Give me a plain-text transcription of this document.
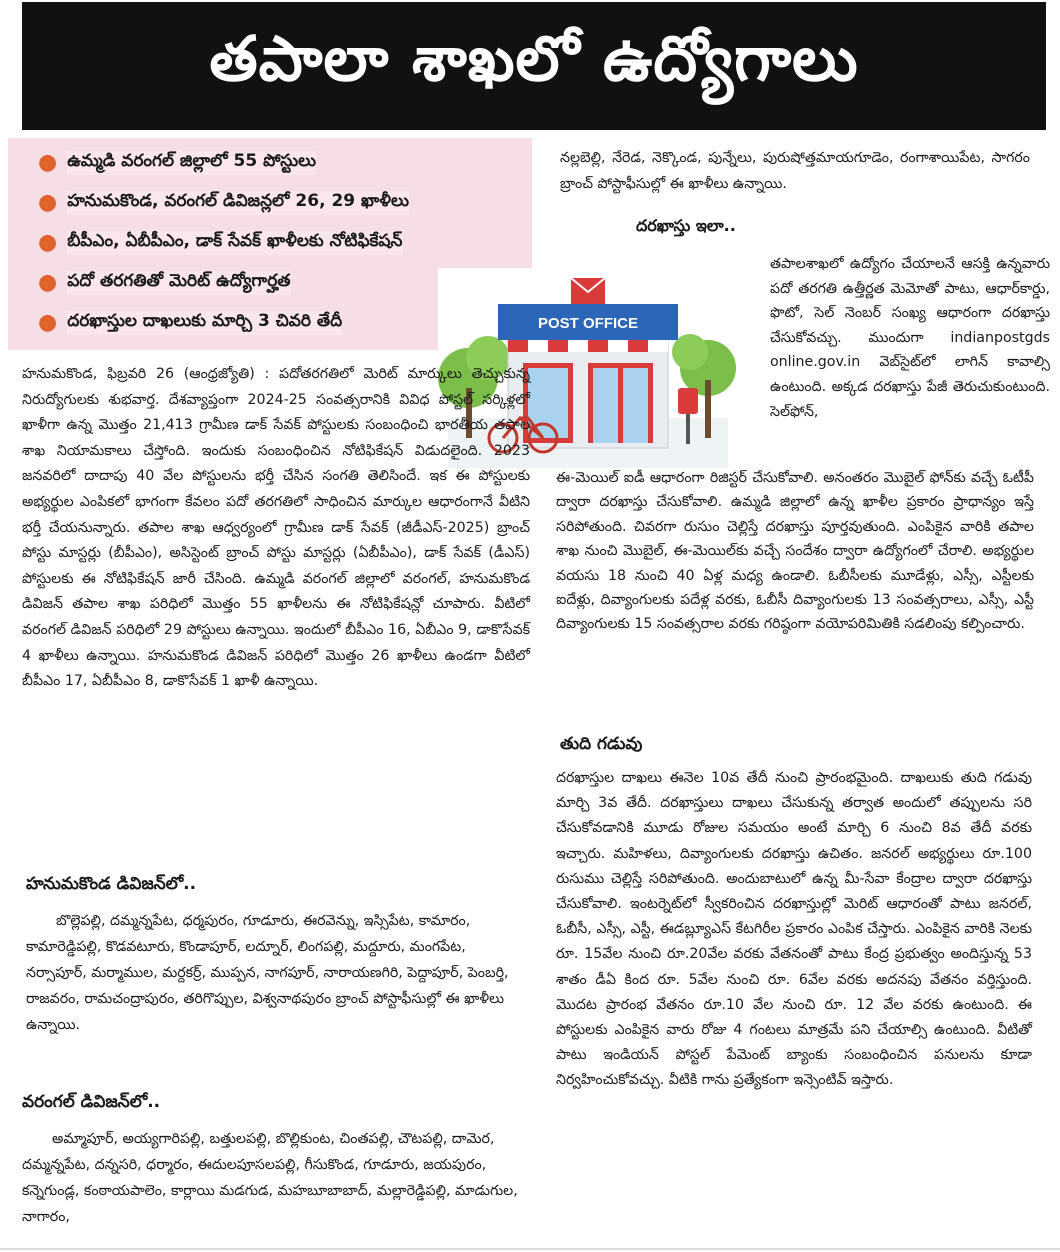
తపాలా శాఖలో ఉద్యోగాలు
● ఉమ్మడి వరంగల్ జిల్లాలో 55 పోస్టులు
● హనుమకొండ, వరంగల్ డివిజన్లలో 26, 29 ఖాళీలు
● బీపీఎం, ఏబీపీఎం, డాక్ సేవక్ ఖాళీలకు నోటిఫికేషన్
● పదో తరగతితో మెరిట్ ఉద్యోగార్హత
● దరఖాస్తుల దాఖలుకు మార్చి 3 చివరి తేదీ	POST OFFICE

హనుమకొండ, ఫిబ్రవరి 26 (ఆంధ్రజ్యోతి) : పదోతరగతిలో మెరిట్ మార్కులు తెచ్చుకున్న నిరుద్యోగులకు శుభవార్త. దేశవ్యాప్తంగా 2024-25 సంవత్సరానికి వివిధ పోస్టల్ సర్కిళ్లలో ఖాళీగా ఉన్న మొత్తం 21,413 గ్రామీణ డాక్ సేవక్ పోస్టులకు సంబంధించి భారతీయ తపాల శాఖ నియామకాలు చేస్తోంది. ఇందుకు సంబంధించిన నోటిఫికేషన్ విడుదలైంది. 2023 జనవరిలో దాదాపు 40 వేల పోస్టులను భర్తీ చేసిన సంగతి తెలిసిందే. ఇక ఈ పోస్టులకు అభ్యర్థుల ఎంపికలో భాగంగా కేవలం పదో తరగతిలో సాధించిన మార్కుల ఆధారంగానే వీటిని భర్తీ చేయనున్నారు. తపాల శాఖ ఆధ్వర్యంలో గ్రామీణ డాక్ సేవక్ (జీడీఎస్-2025) బ్రాంచ్ పోస్టు మాస్టర్లు (బీపీఎం), అసిస్టెంట్ బ్రాంచ్ పోస్టు మాస్టర్లు (ఏబీపీఎం), డాక్ సేవక్ (డీఎస్) పోస్టులకు ఈ నోటిఫికేషన్ జారీ చేసింది. ఉమ్మడి వరంగల్ జిల్లాలో వరంగల్, హనుమకొండ డివిజన్ తపాల శాఖ పరిధిలో మొత్తం 55 ఖాళీలను ఈ నోటిఫికేషన్లో చూపారు. వీటిలో వరంగల్ డివిజన్ పరిధిలో 29 పోస్టులు ఉన్నాయి. ఇందులో బీపీఎం 16, ఏబీఎం 9, డాకొసేవక్ 4 ఖాళీలు ఉన్నాయి. హనుమకొండ డివిజన్ పరిధిలో మొత్తం 26 ఖాళీలు ఉండగా వీటిలో బీపీఎం 17, ఏబీపీఎం 8, డాకొసేవక్ 1 ఖాళీ ఉన్నాయి.

హనుమకొండ డివిజన్‌లో..
బొల్లెపల్లి, దమ్మన్నపేట, ధర్మపురం, గూడూరు, ఈరవెన్ను, ఇస్సిపేట, కామారం, కామారెడ్డిపల్లి, కొడవటూరు, కొండాపూర్, లద్నూర్, లింగపల్లి, మద్దూరు, మంగపేట, నర్సాపూర్, మర్మాముల, మర్దకర్ర్, ముప్పన, నాగపూర్, నారాయణగిరి, పెద్దాపూర్, పెంబర్తి, రాజవరం, రామచంద్రాపురం, తరిగొప్పుల, విశ్వనాథపురం బ్రాంచ్ పోస్టాఫీసుల్లో ఈ ఖాళీలు ఉన్నాయి.
వరంగల్ డివిజన్‌లో..
అమ్మాపూర్, అయ్యగారిపల్లి, బత్తులపల్లి, బొల్లికుంట, చింతపల్లి, చౌటపల్లి, దామెర, దమ్మన్నపేట, దన్నసరి, ధర్మారం, ఈదులపూసలపల్లి, గీసుకొండ, గూడూరు, జయపురం, కన్నెగుండ్ల, కంఠాయపాలెం, కార్లాయి మడగుడ, మహబూబాబాద్, మల్లారెడ్డిపల్లి, మాడుగుల, నాగారం,

నల్లబెల్లి, నేరెడ, నెక్కొండ, పున్నేలు, పురుషోత్తమాయగూడెం, రంగాశాయిపేట, సాగరం బ్రాంచ్ పోస్టాఫీసుల్లో ఈ ఖాళీలు ఉన్నాయి.

దరఖాస్తు ఇలా..

తపాలశాఖలో ఉద్యోగం చేయాలనే ఆసక్తి ఉన్నవారు పదో తరగతి ఉత్తీర్ణత మెమోతో పాటు, ఆధార్‌కార్డు, ఫొటో, సెల్ నెంబర్ సంఖ్య ఆధారంగా దరఖాస్తు చేసుకోవచ్చు. ముందుగా indianpostgds online.gov.in వెబ్‌సైట్‌లో లాగిన్ కావాల్సి ఉంటుంది. అక్కడ దరఖాస్తు పేజీ తెరుచుకుంటుంది. సెల్‌ఫోన్,

ఈ-మెయిల్ ఐడీ ఆధారంగా రిజిస్టర్ చేసుకోవాలి. అనంతరం మొబైల్ ఫోన్‌కు వచ్చే ఓటీపీ ద్వారా దరఖాస్తు చేసుకోవాలి. ఉమ్మడి జిల్లాలో ఉన్న ఖాళీల ప్రకారం ప్రాధాన్యం ఇస్తే సరిపోతుంది. చివరగా రుసుం చెల్లిస్తే దరఖాస్తు పూర్తవుతుంది. ఎంపికైన వారికి తపాల శాఖ నుంచి మొబైల్, ఈ-మెయిల్‌కు వచ్చే సందేశం ద్వారా ఉద్యోగంలో చేరాలి. అభ్యర్థుల వయసు 18 నుంచి 40 ఏళ్ల మధ్య ఉండాలి. ఓబీసీలకు మూడేళ్లు, ఎస్సీ, ఎస్టీలకు ఐదేళ్లు, దివ్యాంగులకు పదేళ్ల వరకు, ఓబీసీ దివ్యాంగులకు 13 సంవత్సరాలు, ఎస్సీ, ఎస్టీ దివ్యాంగులకు 15 సంవత్సరాల వరకు గరిష్ఠంగా వయోపరిమితికి సడలింపు కల్పించారు.

తుది గడువు

దరఖాస్తుల దాఖలు ఈనెల 10వ తేదీ నుంచి ప్రారంభమైంది. దాఖలుకు తుది గడువు మార్చి 3వ తేదీ. దరఖాస్తులు దాఖలు చేసుకున్న తర్వాత అందులో తప్పులను సరి చేసుకోవడానికి మూడు రోజుల సమయం అంటే మార్చి 6 నుంచి 8వ తేదీ వరకు ఇచ్చారు. మహిళలు, దివ్యాంగులకు దరఖాస్తు ఉచితం. జనరల్ అభ్యర్థులు రూ.100 రుసుము చెల్లిస్తే సరిపోతుంది. అందుబాటులో ఉన్న మీ-సేవా కేంద్రాల ద్వారా దరఖాస్తు చేసుకోవాలి. ఇంటర్నెట్‌లో స్వీకరించిన దరఖాస్తుల్లో మెరిట్ ఆధారంతో పాటు జనరల్, ఓబీసీ, ఎస్సీ, ఎస్టీ, ఈడబ్ల్యూఎస్ కేటగిరీల ప్రకారం ఎంపిక చేస్తారు. ఎంపికైన వారికి నెలకు రూ. 15వేల నుంచి రూ.20వేల వరకు వేతనంతో పాటు కేంద్ర ప్రభుత్వం అందిస్తున్న 53 శాతం డీఏ కింద రూ. 5వేల నుంచి రూ. 6వేల వరకు అదనపు వేతనం వర్తిస్తుంది. మొదట ప్రారంభ వేతనం రూ.10 వేల నుంచి రూ. 12 వేల వరకు ఉంటుంది. ఈ పోస్టులకు ఎంపికైన వారు రోజు 4 గంటలు మాత్రమే పని చేయాల్సి ఉంటుంది. వీటితో పాటు ఇండియన్ పోస్టల్ పేమెంట్ బ్యాంకు సంబంధించిన పనులను కూడా నిర్వహించుకోవచ్చు. వీటికి గాను ప్రత్యేకంగా ఇన్సెంటివ్ ఇస్తారు.
